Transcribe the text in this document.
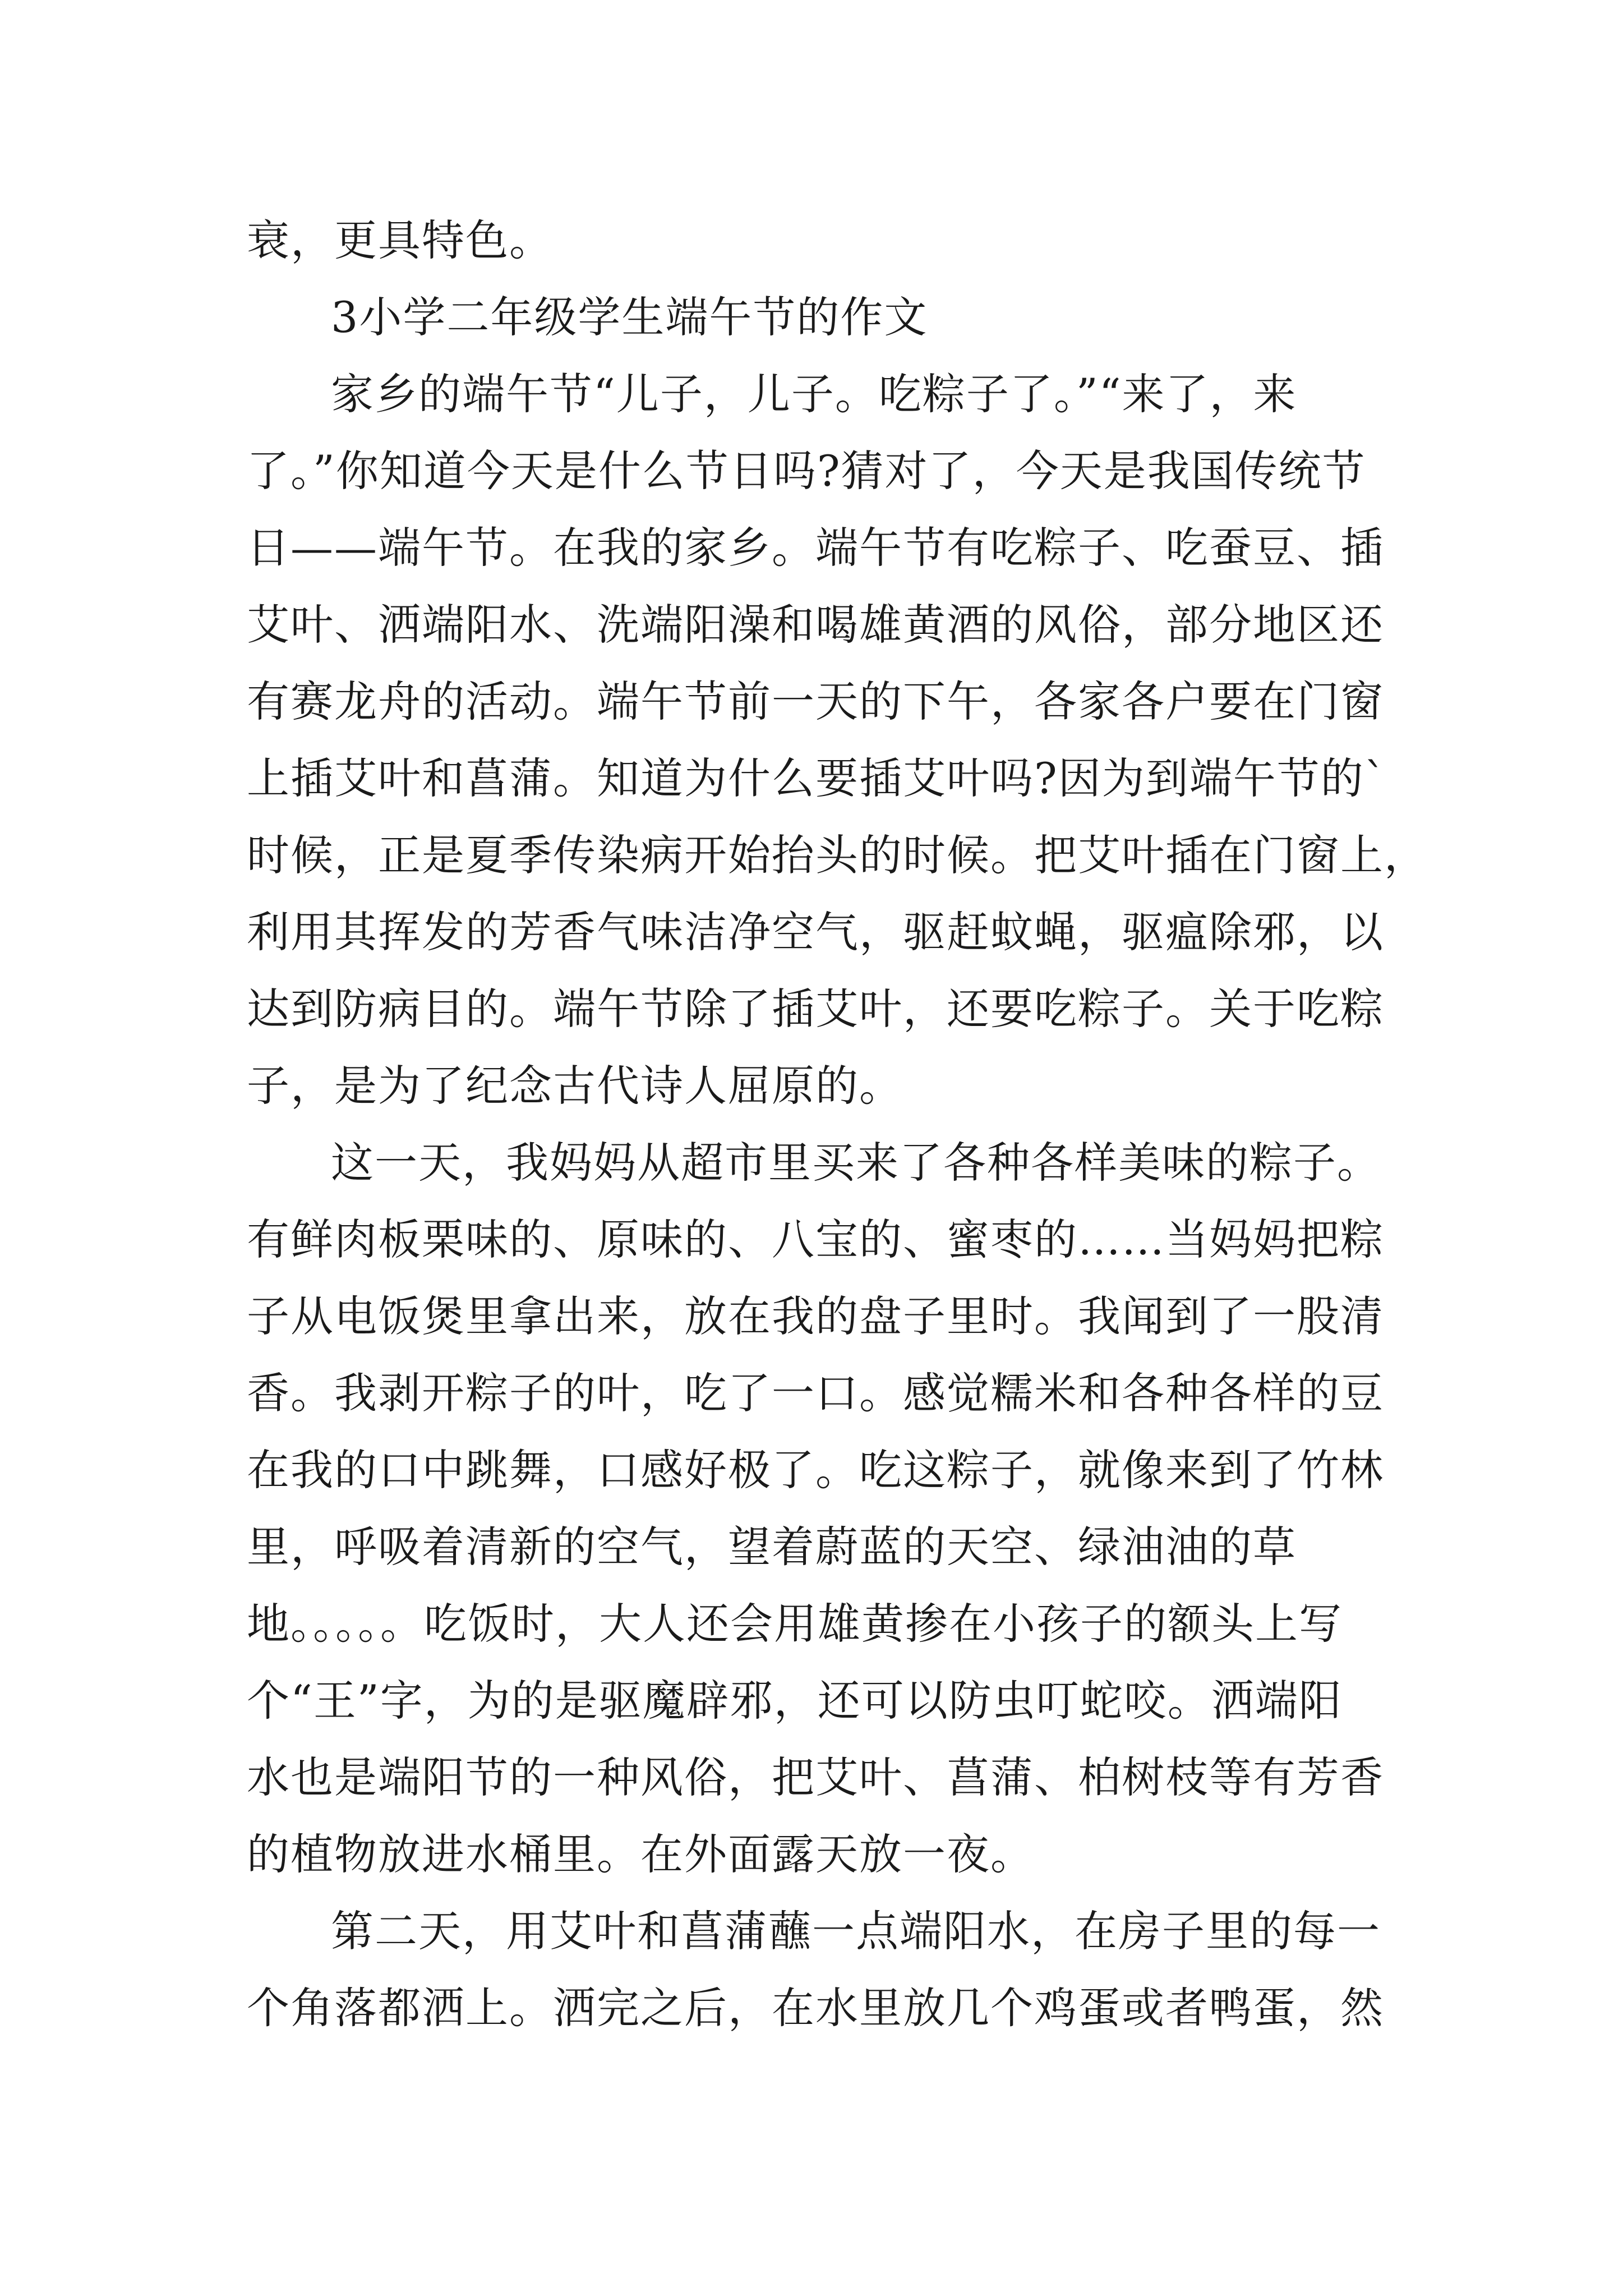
衰，更具特色。
3小学二年级学生端午节的作文
家乡的端午节“儿子，儿子。吃粽子了。”“来了，来
了。”你知道今天是什么节日吗?猜对了，今天是我国传统节
日——端午节。在我的家乡。端午节有吃粽子、吃蚕豆、插
艾叶、洒端阳水、洗端阳澡和喝雄黄酒的风俗，部分地区还
有赛龙舟的活动。端午节前一天的下午，各家各户要在门窗
上插艾叶和菖蒲。知道为什么要插艾叶吗?因为到端午节的`
时候，正是夏季传染病开始抬头的时候。把艾叶插在门窗上，
利用其挥发的芳香气味洁净空气，驱赶蚊蝇，驱瘟除邪，以
达到防病目的。端午节除了插艾叶，还要吃粽子。关于吃粽
子，是为了纪念古代诗人屈原的。
这一天，我妈妈从超市里买来了各种各样美味的粽子。
有鲜肉板栗味的、原味的、八宝的、蜜枣的……当妈妈把粽
子从电饭煲里拿出来，放在我的盘子里时。我闻到了一股清
香。我剥开粽子的叶，吃了一口。感觉糯米和各种各样的豆
在我的口中跳舞，口感好极了。吃这粽子，就像来到了竹林
里，呼吸着清新的空气，望着蔚蓝的天空、绿油油的草
地。。。。。吃饭时，大人还会用雄黄掺在小孩子的额头上写
个“王”字，为的是驱魔辟邪，还可以防虫叮蛇咬。洒端阳
水也是端阳节的一种风俗，把艾叶、菖蒲、柏树枝等有芳香
的植物放进水桶里。在外面露天放一夜。
第二天，用艾叶和菖蒲蘸一点端阳水，在房子里的每一
个角落都洒上。洒完之后，在水里放几个鸡蛋或者鸭蛋，然
